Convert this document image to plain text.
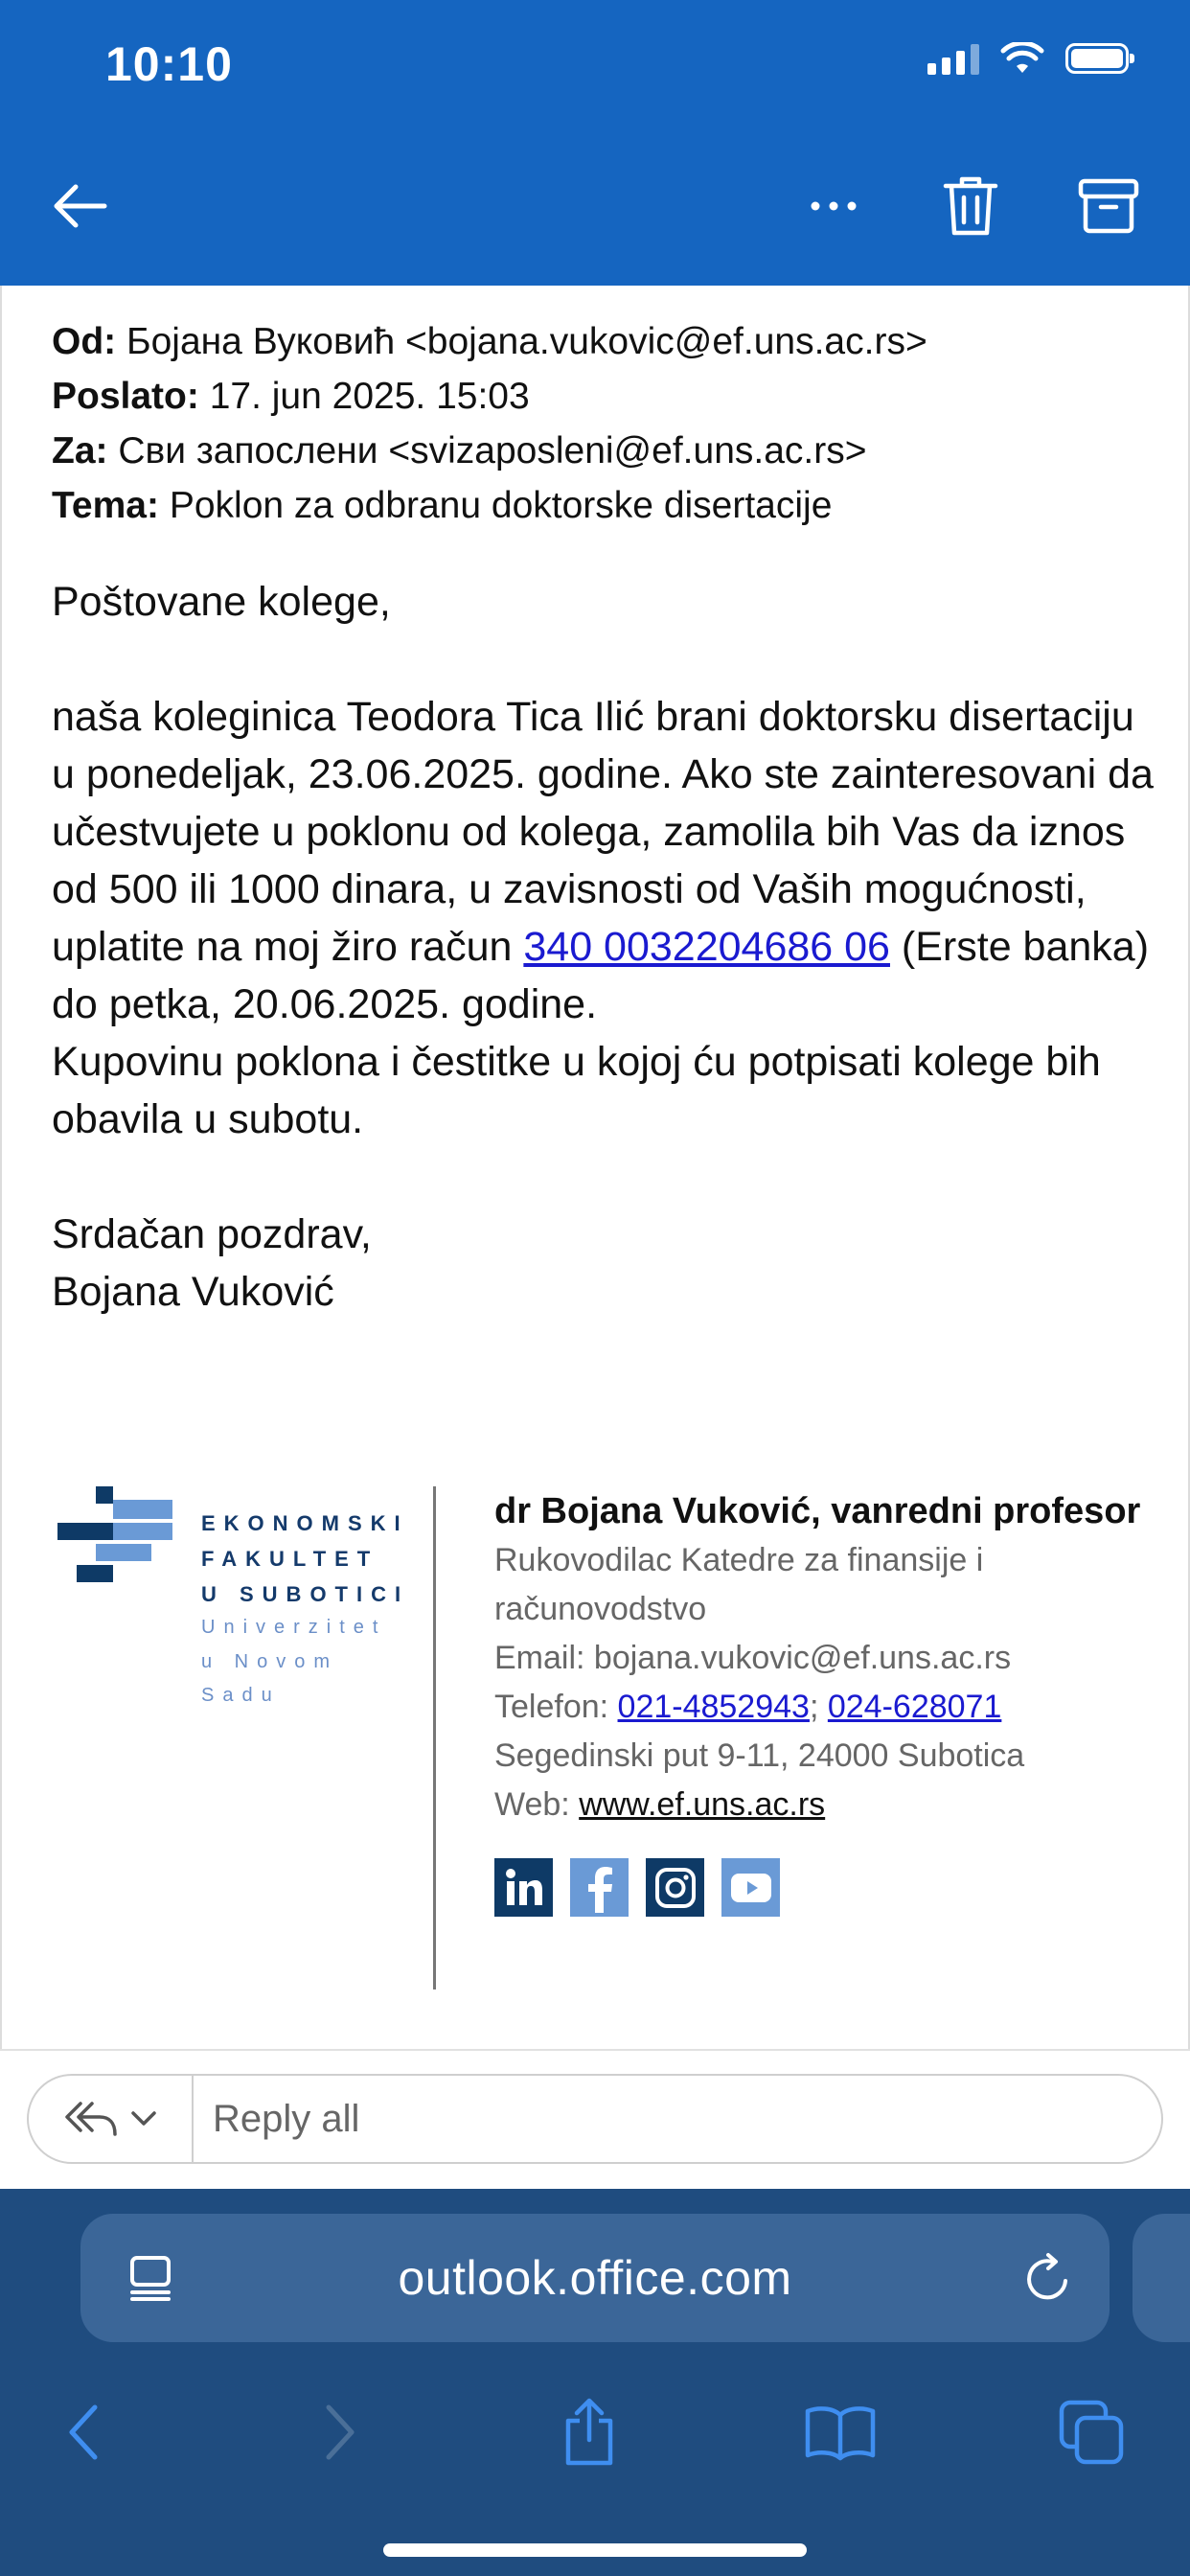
10:10
Od: Бојана Вуковић <bojana.vukovic@ef.uns.ac.rs>
Poslato: 17. jun 2025. 15:03
Za: Сви запослени <svizaposleni@ef.uns.ac.rs>
Tema: Poklon za odbranu doktorske disertacije

Poštovane kolege,

naša koleginica Teodora Tica Ilić brani doktorsku disertaciju u ponedeljak, 23.06.2025. godine. Ako ste zainteresovani da učestvujete u poklonu od kolega, zamolila bih Vas da iznos od 500 ili 1000 dinara, u zavisnosti od Vaših mogućnosti, uplatite na moj žiro račun 340 0032204686 06 (Erste banka) do petka, 20.06.2025. godine.

Kupovinu poklona i čestitke u kojoj ću potpisati kolege bih obavila u subotu.

Srdačan pozdrav,

Bojana Vuković

EKONOMSKI
FAKULTET
U SUBOTICI
Univerzitet
u Novom Sadu
dr Bojana Vuković, vanredni profesor
Rukovodilac Katedre za finansije i računovodstvo
Email: bojana.vukovic@ef.uns.ac.rs
Telefon: 021-4852943; 024-628071
Segedinski put 9-11, 24000 Subotica
Web: www.ef.uns.ac.rs
Reply all
outlook.office.com
